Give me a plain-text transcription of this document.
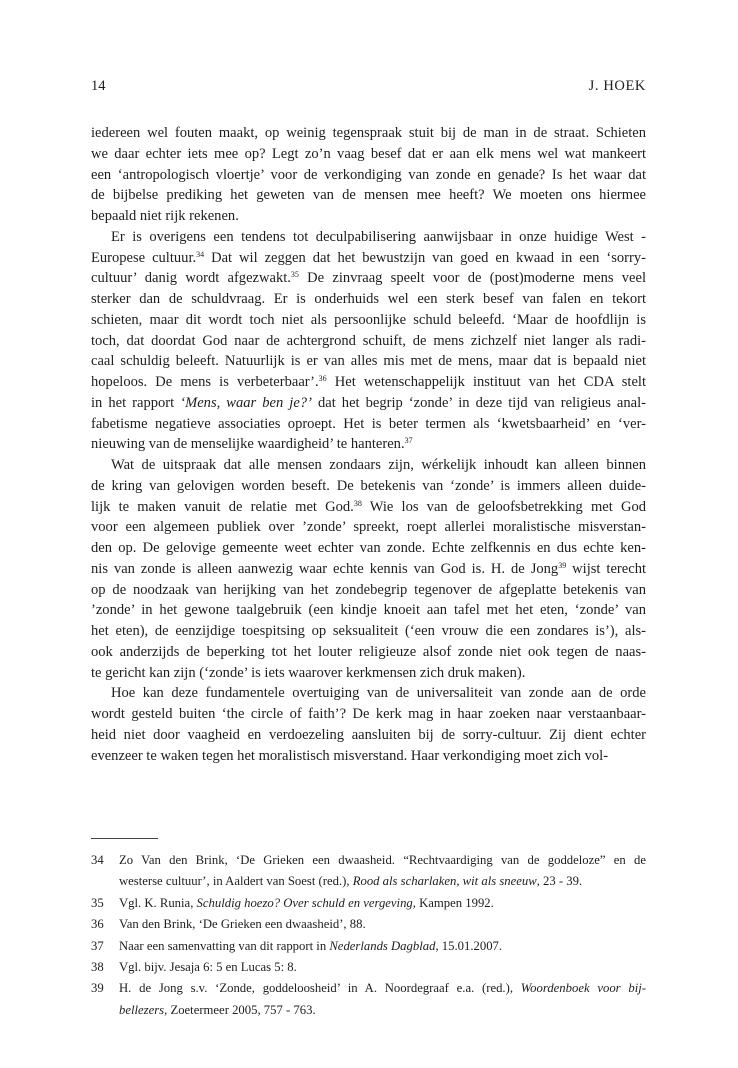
14	J. HOEK
iedereen wel fouten maakt, op weinig tegenspraak stuit bij de man in de straat. Schieten
we daar echter iets mee op? Legt zo’n vaag besef dat er aan elk mens wel wat mankeert
een ‘antropologisch vloertje’ voor de verkondiging van zonde en genade? Is het waar dat
de bijbelse prediking het geweten van de mensen mee heeft? We moeten ons hiermee
bepaald niet rijk rekenen.
Er is overigens een tendens tot deculpabilisering aanwijsbaar in onze huidige West -
Europese cultuur.$^{34}$ Dat wil zeggen dat het bewustzijn van goed en kwaad in een ‘sorry-
cultuur’ danig wordt afgezwakt.$^{35}$ De zinvraag speelt voor de (post)moderne mens veel
sterker dan de schuldvraag. Er is onderhuids wel een sterk besef van falen en tekort
schieten, maar dit wordt toch niet als persoonlijke schuld beleefd. ‘Maar de hoofdlijn is
toch, dat doordat God naar de achtergrond schuift, de mens zichzelf niet langer als radi-
caal schuldig beleeft. Natuurlijk is er van alles mis met de mens, maar dat is bepaald niet
hopeloos. De mens is verbeterbaar’.$^{36}$ Het wetenschappelijk instituut van het CDA stelt
in het rapport ‘Mens, waar ben je?’ dat het begrip ‘zonde’ in deze tijd van religieus anal-
fabetisme negatieve associaties oproept. Het is beter termen als ‘kwetsbaarheid’ en ‘ver-
nieuwing van de menselijke waardigheid’ te hanteren.$^{37}$
Wat de uitspraak dat alle mensen zondaars zijn, wérkelijk inhoudt kan alleen binnen
de kring van gelovigen worden beseft. De betekenis van ‘zonde’ is immers alleen duide-
lijk te maken vanuit de relatie met God.$^{38}$ Wie los van de geloofsbetrekking met God
voor een algemeen publiek over ’zonde’ spreekt, roept allerlei moralistische misverstan-
den op. De gelovige gemeente weet echter van zonde. Echte zelfkennis en dus echte ken-
nis van zonde is alleen aanwezig waar echte kennis van God is. H. de Jong$^{39}$ wijst terecht
op de noodzaak van herijking van het zondebegrip tegenover de afgeplatte betekenis van
’zonde’ in het gewone taalgebruik (een kindje knoeit aan tafel met het eten, ‘zonde’ van
het eten), de eenzijdige toespitsing op seksualiteit (‘een vrouw die een zondares is’), als-
ook anderzijds de beperking tot het louter religieuze alsof zonde niet ook tegen de naas-
te gericht kan zijn (‘zonde’ is iets waarover kerkmensen zich druk maken).
Hoe kan deze fundamentele overtuiging van de universaliteit van zonde aan de orde
wordt gesteld buiten ‘the circle of faith’? De kerk mag in haar zoeken naar verstaanbaar-
heid niet door vaagheid en verdoezeling aansluiten bij de sorry-cultuur. Zij dient echter
evenzeer te waken tegen het moralistisch misverstand. Haar verkondiging moet zich vol-
34 Zo Van den Brink, ‘De Grieken een dwaasheid. “Rechtvaardiging van de goddeloze” en de
westerse cultuur’, in Aaldert van Soest (red.), Rood als scharlaken, wit als sneeuw, 23 - 39.
35 Vgl. K. Runia, Schuldig hoezo? Over schuld en vergeving, Kampen 1992.
36 Van den Brink, ‘De Grieken een dwaasheid’, 88.
37 Naar een samenvatting van dit rapport in Nederlands Dagblad, 15.01.2007.
38 Vgl. bijv. Jesaja 6: 5 en Lucas 5: 8.
39 H. de Jong s.v. ‘Zonde, goddeloosheid’ in A. Noordegraaf e.a. (red.), Woordenboek voor bij-
bellezers, Zoetermeer 2005, 757 - 763.
